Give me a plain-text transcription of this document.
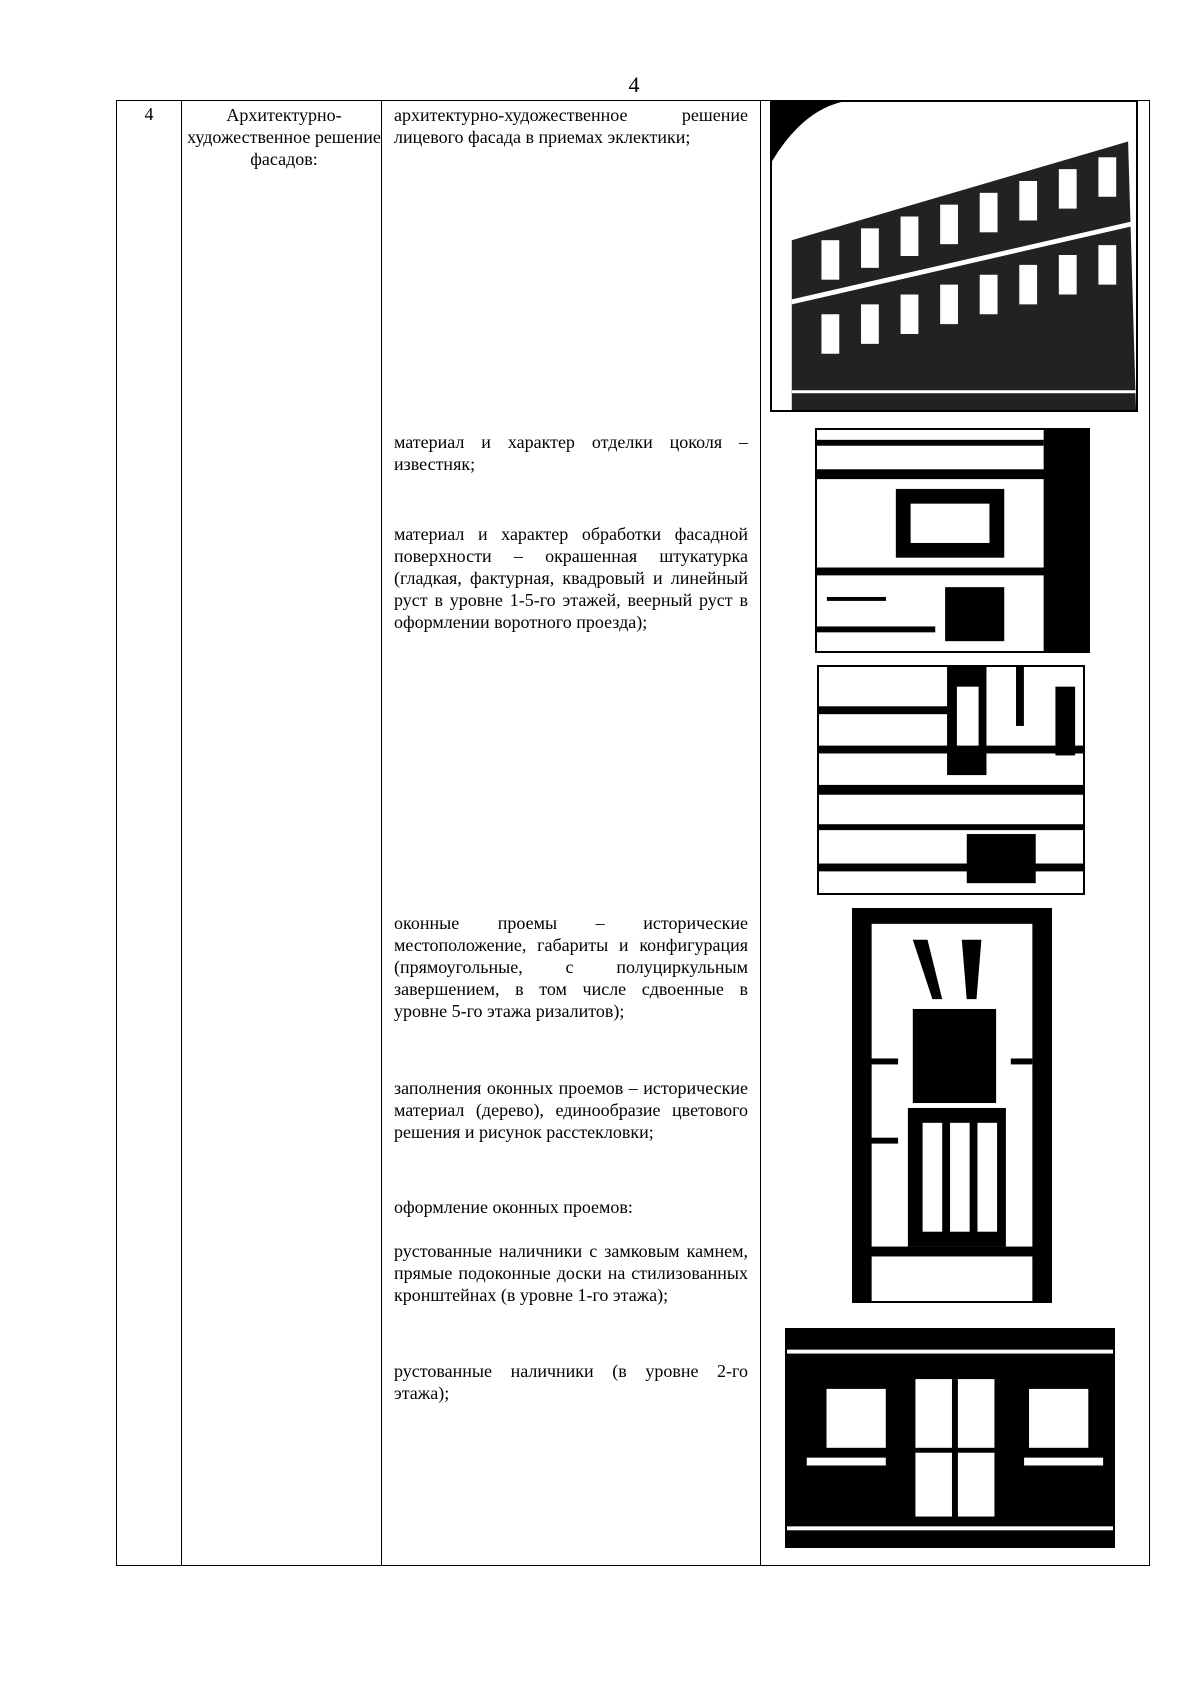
4
4	Архитектурно-художественное решение фасадов:
архитектурно-художественное решение лицевого фасада в приемах эклектики;
материал и характер отделки цоколя – известняк;
материал и характер обработки фасадной поверхности – окрашенная штукатурка (гладкая, фактурная, квадровый и линейный руст в уровне 1-5-го этажей, веерный руст в оформлении воротного проезда);
оконные проемы – исторические местоположение, габариты и конфигурация (прямоугольные, с полуциркульным завершением, в том числе сдвоенные в уровне 5-го этажа ризалитов);
заполнения оконных проемов – исторические материал (дерево), единообразие цветового решения и рисунок расстекловки;
оформление оконных проемов:
рустованные наличники с замковым камнем, прямые подоконные доски на стилизованных кронштейнах (в уровне 1-го этажа);
рустованные наличники (в уровне 2-го этажа);
